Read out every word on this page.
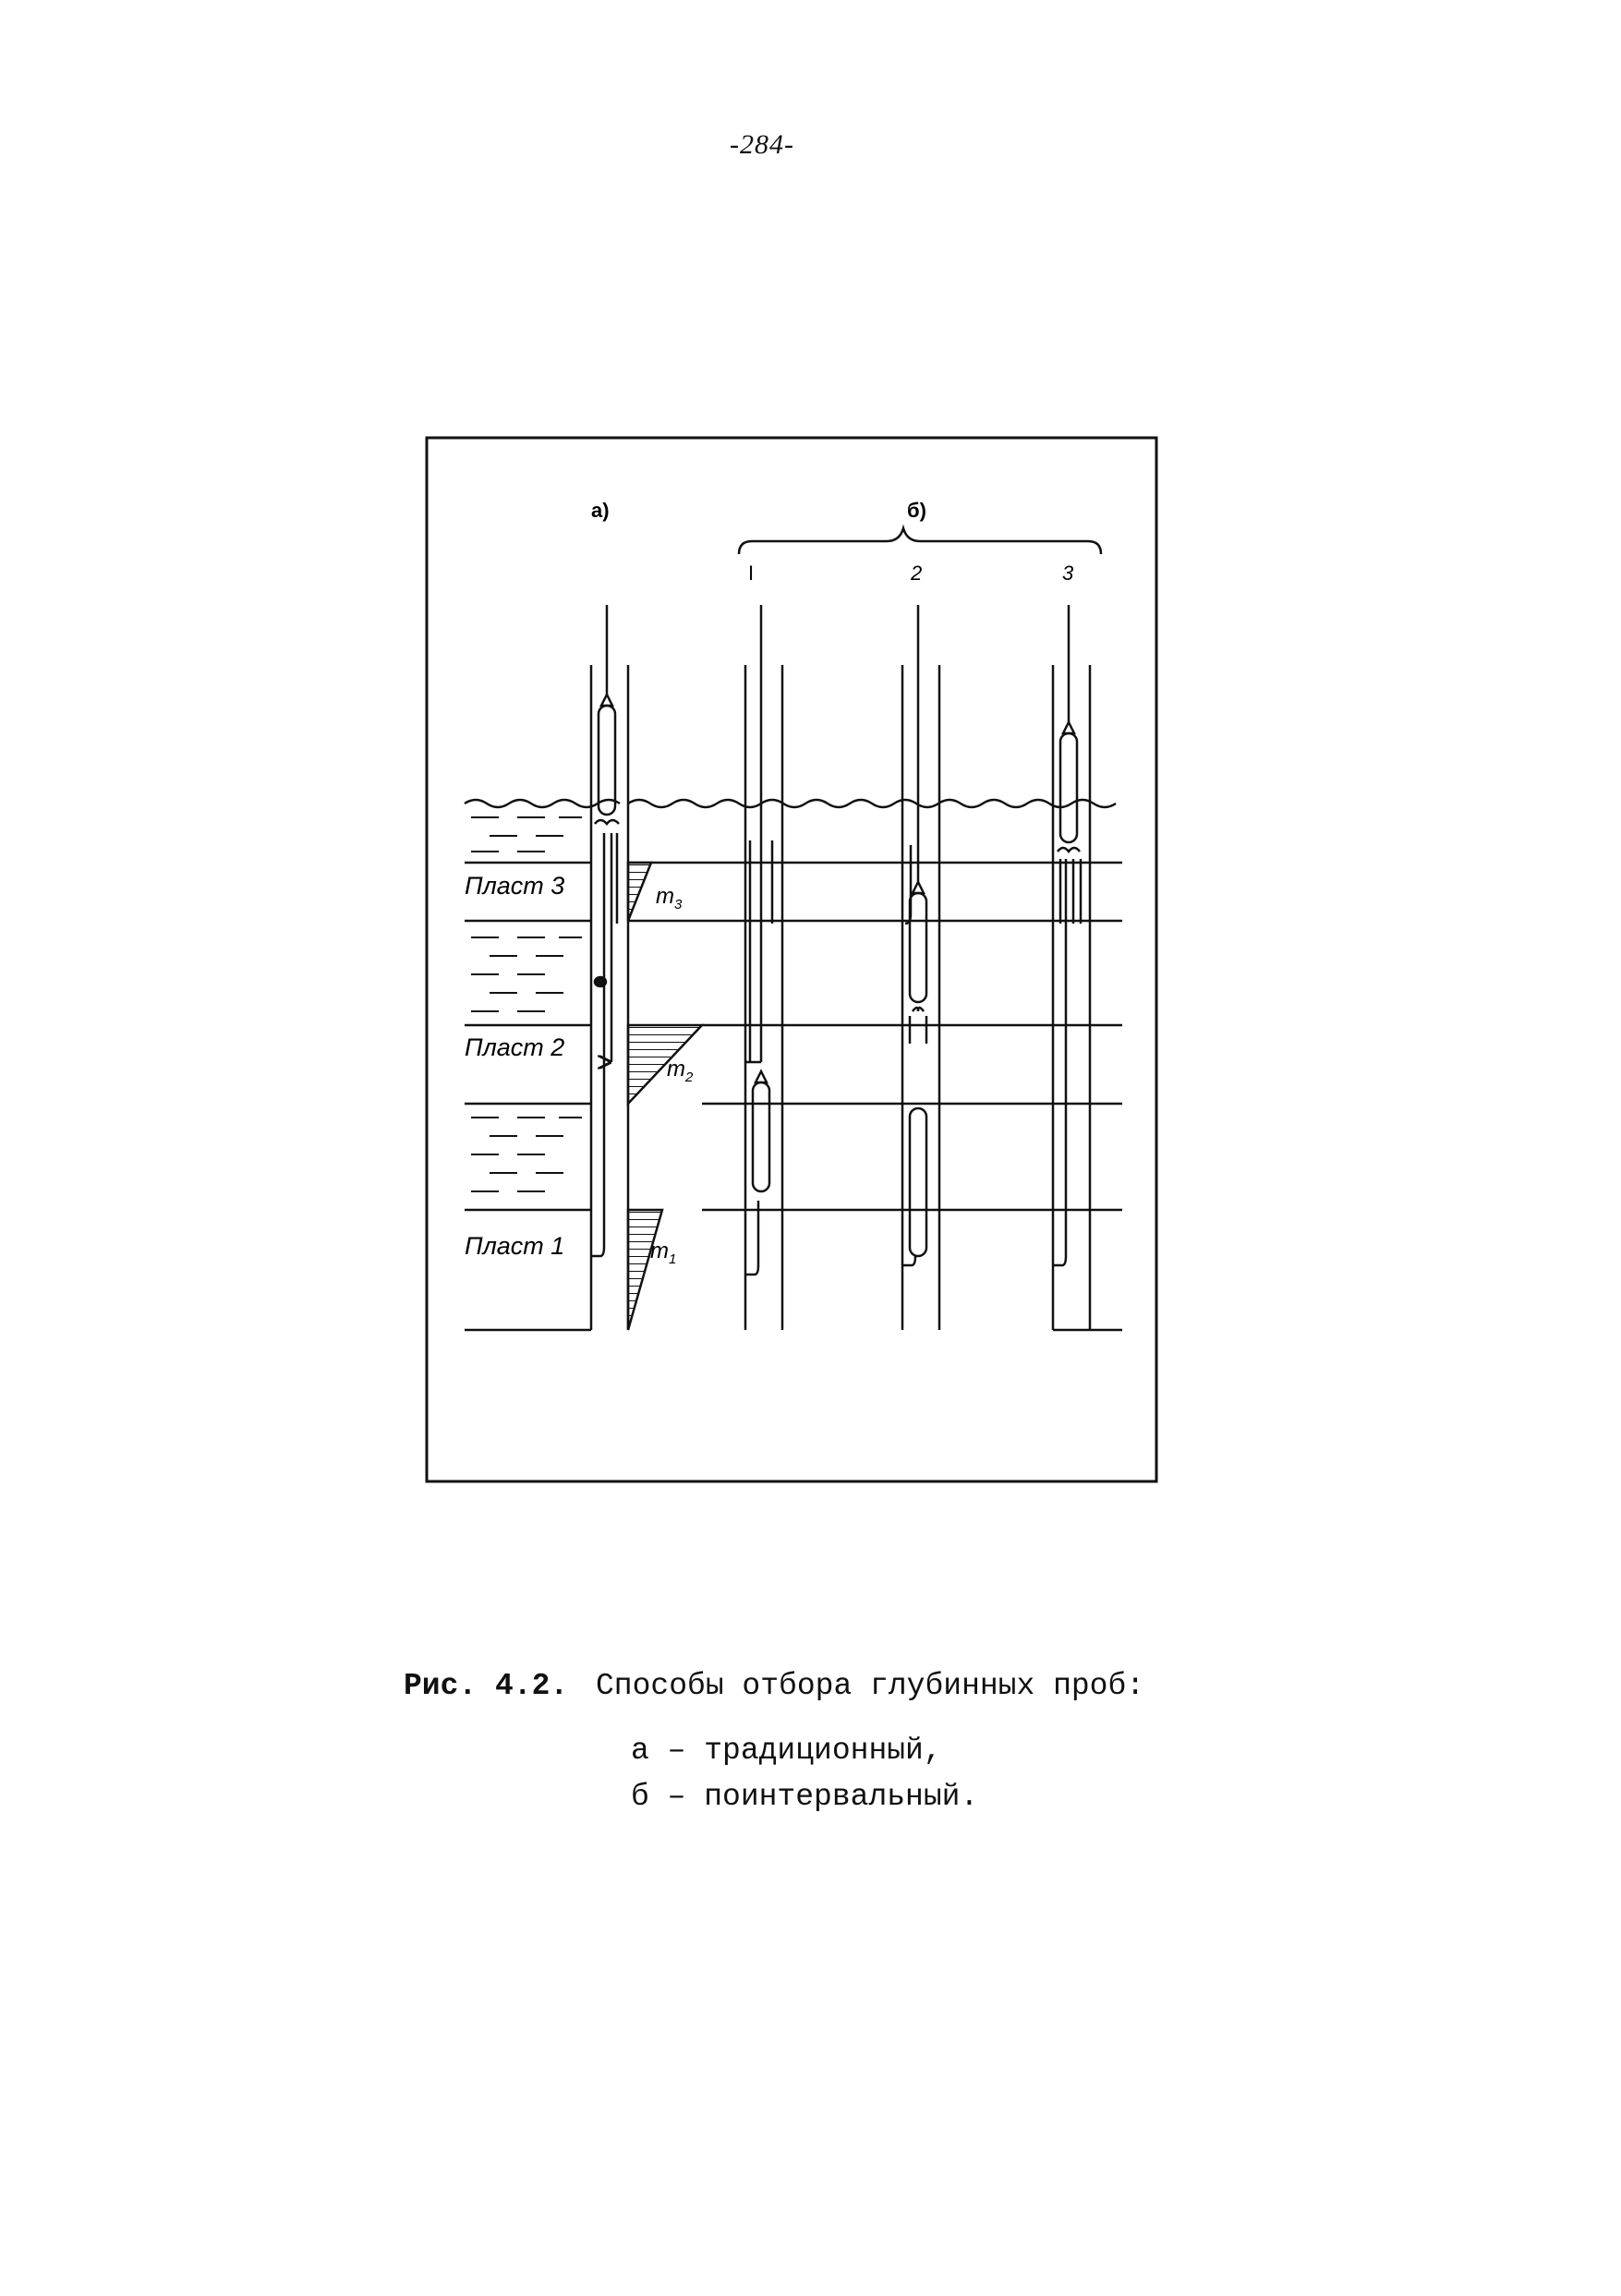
-284-
а)	б)
I	2	3
Пласт 3
Пласт 2
Пласт 1
$m_3$
$m_2$
$m_1$
Рис. 4.2. Способы отбора глубинных проб:
а – традиционный,
б – поинтервальный.
